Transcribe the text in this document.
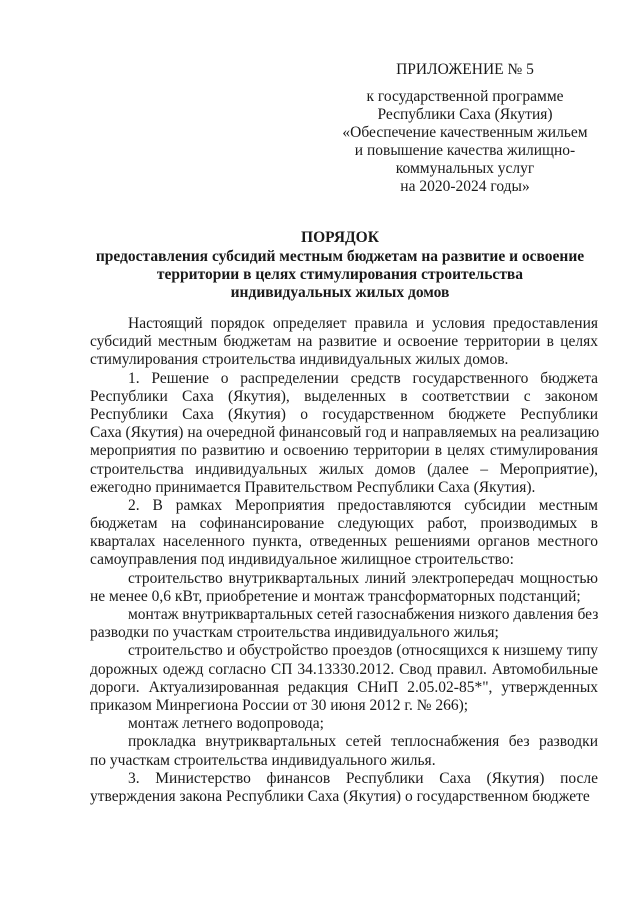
ПРИЛОЖЕНИЕ № 5
к государственной программе
Республики Саха (Якутия)
«Обеспечение качественным жильем
и повышение качества жилищно-
коммунальных услуг
на 2020-2024 годы»
ПОРЯДОК
предоставления субсидий местным бюджетам на развитие и освоение
территории в целях стимулирования строительства
индивидуальных жилых домов
Настоящий порядок определяет правила и условия предоставления
субсидий местным бюджетам на развитие и освоение территории в целях
стимулирования строительства индивидуальных жилых домов.
1. Решение о распределении средств государственного бюджета
Республики Саха (Якутия), выделенных в соответствии с законом
Республики Саха (Якутия) о государственном бюджете Республики
Саха (Якутия) на очередной финансовый год и направляемых на реализацию
мероприятия по развитию и освоению территории в целях стимулирования
строительства индивидуальных жилых домов (далее – Мероприятие),
ежегодно принимается Правительством Республики Саха (Якутия).
2. В рамках Мероприятия предоставляются субсидии местным
бюджетам на софинансирование следующих работ, производимых в
кварталах населенного пункта, отведенных решениями органов местного
самоуправления под индивидуальное жилищное строительство:
строительство внутриквартальных линий электропередач мощностью
не менее 0,6 кВт, приобретение и монтаж трансформаторных подстанций;
монтаж внутриквартальных сетей газоснабжения низкого давления без
разводки по участкам строительства индивидуального жилья;
строительство и обустройство проездов (относящихся к низшему типу
дорожных одежд согласно СП 34.13330.2012. Свод правил. Автомобильные
дороги. Актуализированная редакция СНиП 2.05.02-85*", утвержденных
приказом Минрегиона России от 30 июня 2012 г. № 266);
монтаж летнего водопровода;
прокладка внутриквартальных сетей теплоснабжения без разводки
по участкам строительства индивидуального жилья.
3. Министерство финансов Республики Саха (Якутия) после
утверждения закона Республики Саха (Якутия) о государственном бюджете
